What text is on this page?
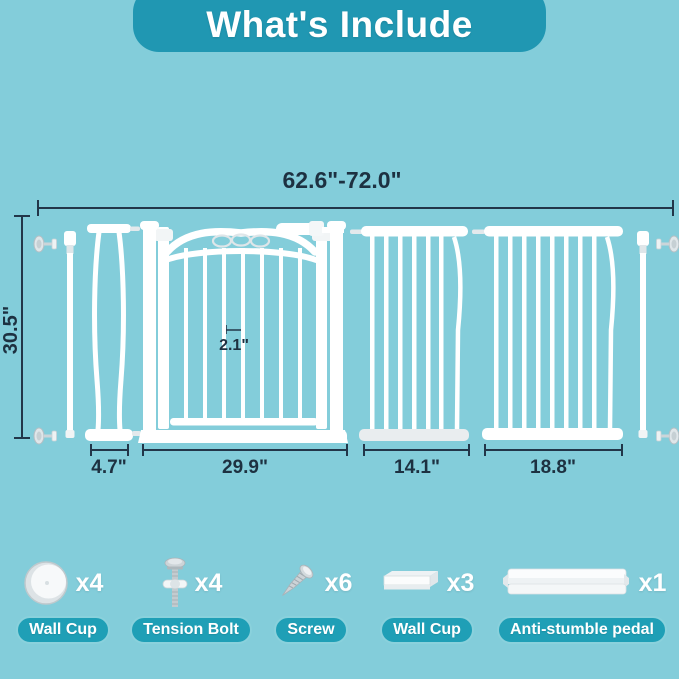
What's Include
62.6"-72.0"
30.5"	2.1"
4.7"	29.9"	14.1"	18.8"
x4
Wall Cup
x4
Tension Bolt
x6
Screw
x3
Wall Cup
x1
Anti-stumble pedal
